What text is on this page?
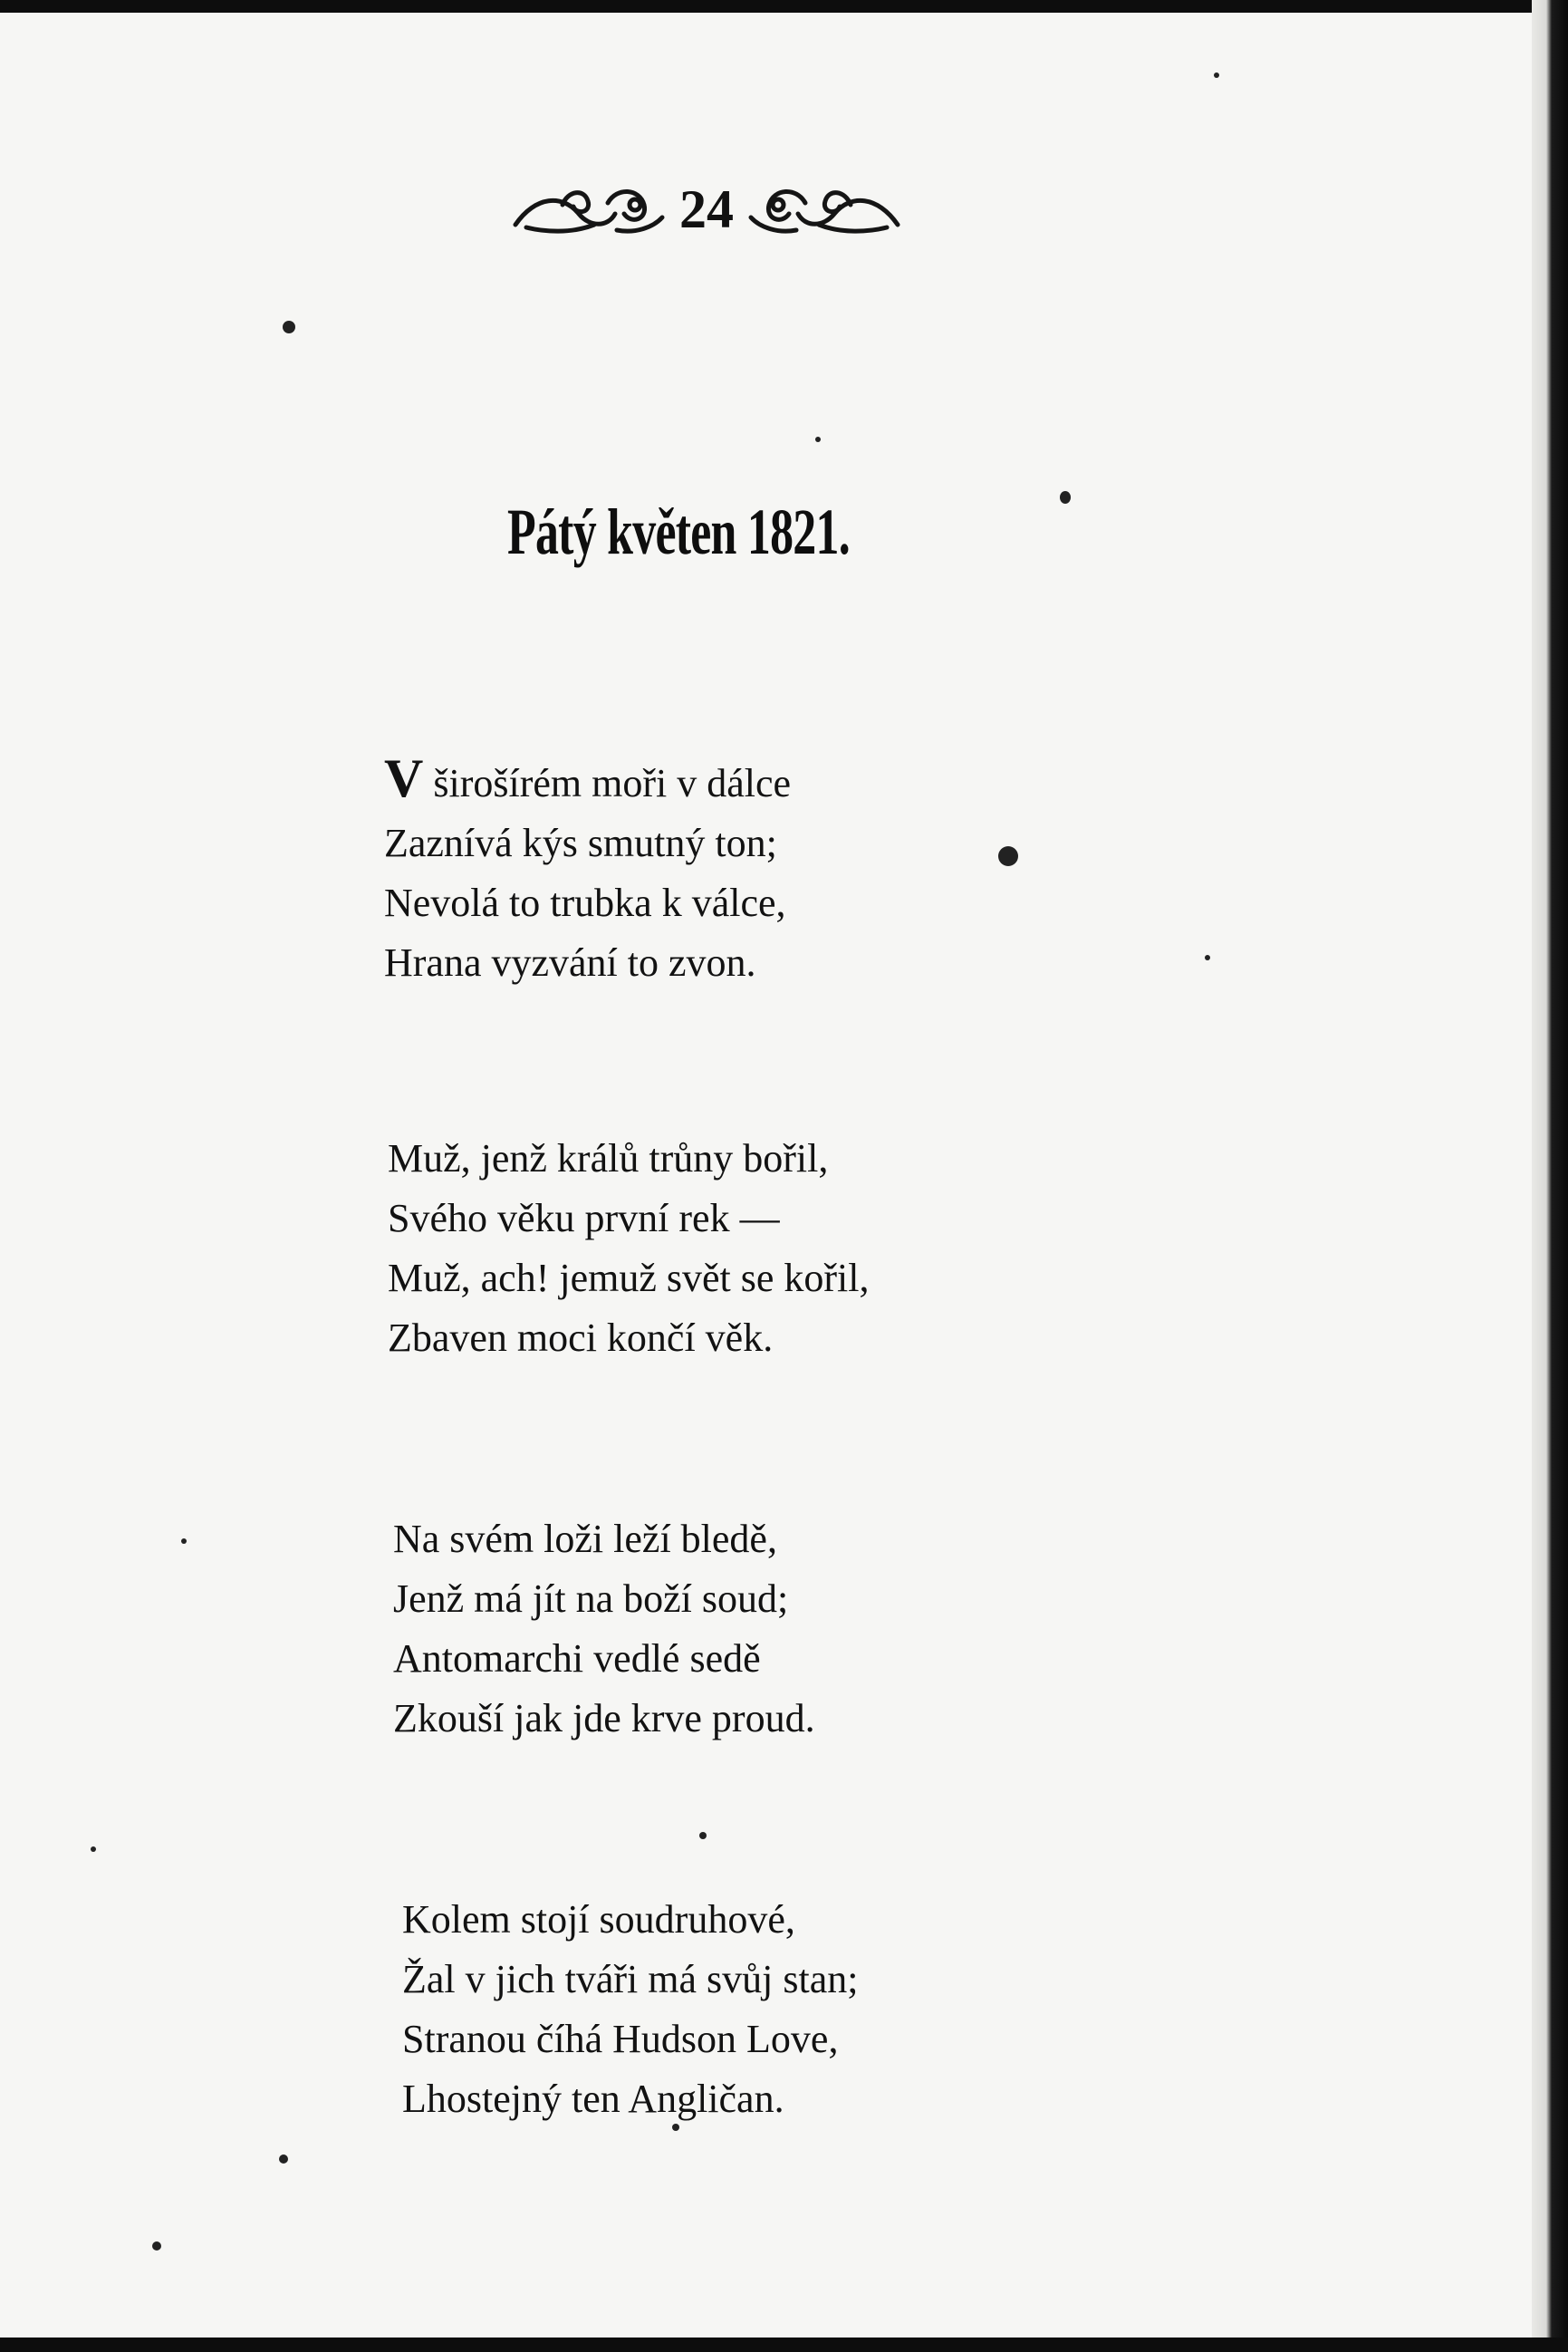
24
Pátý květen 1821.
V širošírém moři v dálce
Zaznívá kýs smutný ton;
Nevolá to trubka k válce,
Hrana vyzvání to zvon.
Muž, jenž králů trůny bořil,
Svého věku první rek —
Muž, ach! jemuž svět se kořil,
Zbaven moci končí věk.
Na svém loži leží bledě,
Jenž má jít na boží soud;
Antomarchi vedlé sedě
Zkouší jak jde krve proud.
Kolem stojí soudruhové,
Žal v jich tváři má svůj stan;
Stranou číhá Hudson Love,
Lhostejný ten Angličan.
